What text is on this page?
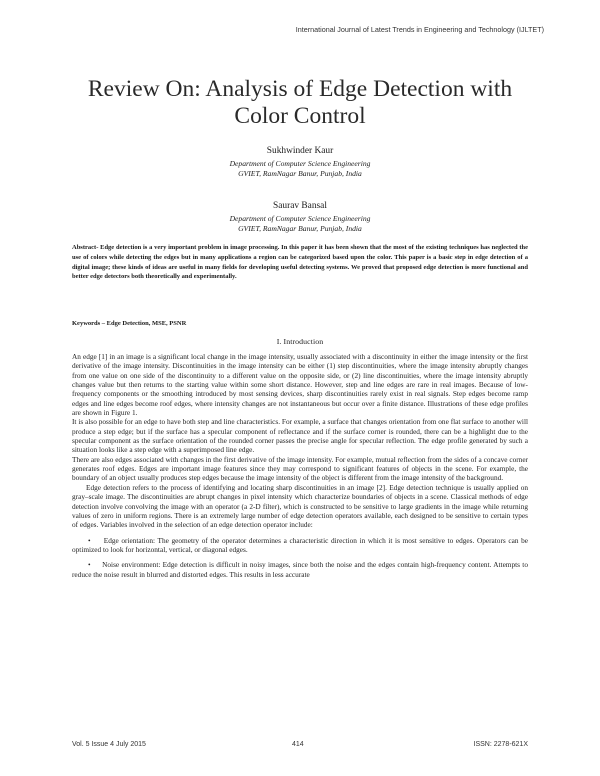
International Journal of Latest Trends in Engineering and Technology (IJLTET)
Review On: Analysis of Edge Detection with
Color Control
Sukhwinder Kaur
Department of Computer Science Engineering
GVIET, RamNagar Banur, Punjab, India
Saurav Bansal
Department of Computer Science Engineering
GVIET, RamNagar Banur, Punjab, India
Abstract- Edge detection is a very important problem in image processing. In this paper it has been shown that the most of the existing techniques has neglected the use of colors while detecting the edges but in many applications a region can be categorized based upon the color. This paper is a basic step in edge detection of a digital image; these kinds of ideas are useful in many fields for developing useful detecting systems. We proved that proposed edge detection is more functional and better edge detectors both theoretically and experimentally.
Keywords – Edge Detection, MSE, PSNR
I. Introduction

An edge [1] in an image is a significant local change in the image intensity, usually associated with a discontinuity in either the image intensity or the first derivative of the image intensity. Discontinuities in the image intensity can be either (1) step discontinuities, where the image intensity abruptly changes from one value on one side of the discontinuity to a different value on the opposite side, or (2) line discontinuities, where the image intensity abruptly changes value but then returns to the starting value within some short distance. However, step and line edges are rare in real images. Because of low-frequency components or the smoothing introduced by most sensing devices, sharp discontinuities rarely exist in real signals. Step edges become ramp edges and line edges become roof edges, where intensity changes are not instantaneous but occur over a finite distance. Illustrations of these edge profiles are shown in Figure 1.

It is also possible for an edge to have both step and line characteristics. For example, a surface that changes orientation from one flat surface to another will produce a step edge; but if the surface has a specular component of reflectance and if the surface corner is rounded, there can be a highlight due to the specular component as the surface orientation of the rounded corner passes the precise angle for specular reflection. The edge profile generated by such a situation looks like a step edge with a superimposed line edge.

There are also edges associated with changes in the first derivative of the image intensity. For example, mutual reflection from the sides of a concave corner generates roof edges. Edges are important image features since they may correspond to significant features of objects in the scene. For example, the boundary of an object usually produces step edges because the image intensity of the object is different from the image intensity of the background.

Edge detection refers to the process of identifying and locating sharp discontinuities in an image [2]. Edge detection technique is usually applied on gray–scale image. The discontinuities are abrupt changes in pixel intensity which characterize boundaries of objects in a scene. Classical methods of edge detection involve convolving the image with an operator (a 2-D filter), which is constructed to be sensitive to large gradients in the image while returning values of zero in uniform regions. There is an extremely large number of edge detection operators available, each designed to be sensitive to certain types of edges. Variables involved in the selection of an edge detection operator include:

• Edge orientation: The geometry of the operator determines a characteristic direction in which it is most sensitive to edges. Operators can be optimized to look for horizontal, vertical, or diagonal edges.

• Noise environment: Edge detection is difficult in noisy images, since both the noise and the edges contain high-frequency content. Attempts to reduce the noise result in blurred and distorted edges. This results in less accurate

Vol. 5 Issue 4 July 2015	414	ISSN: 2278-621X
